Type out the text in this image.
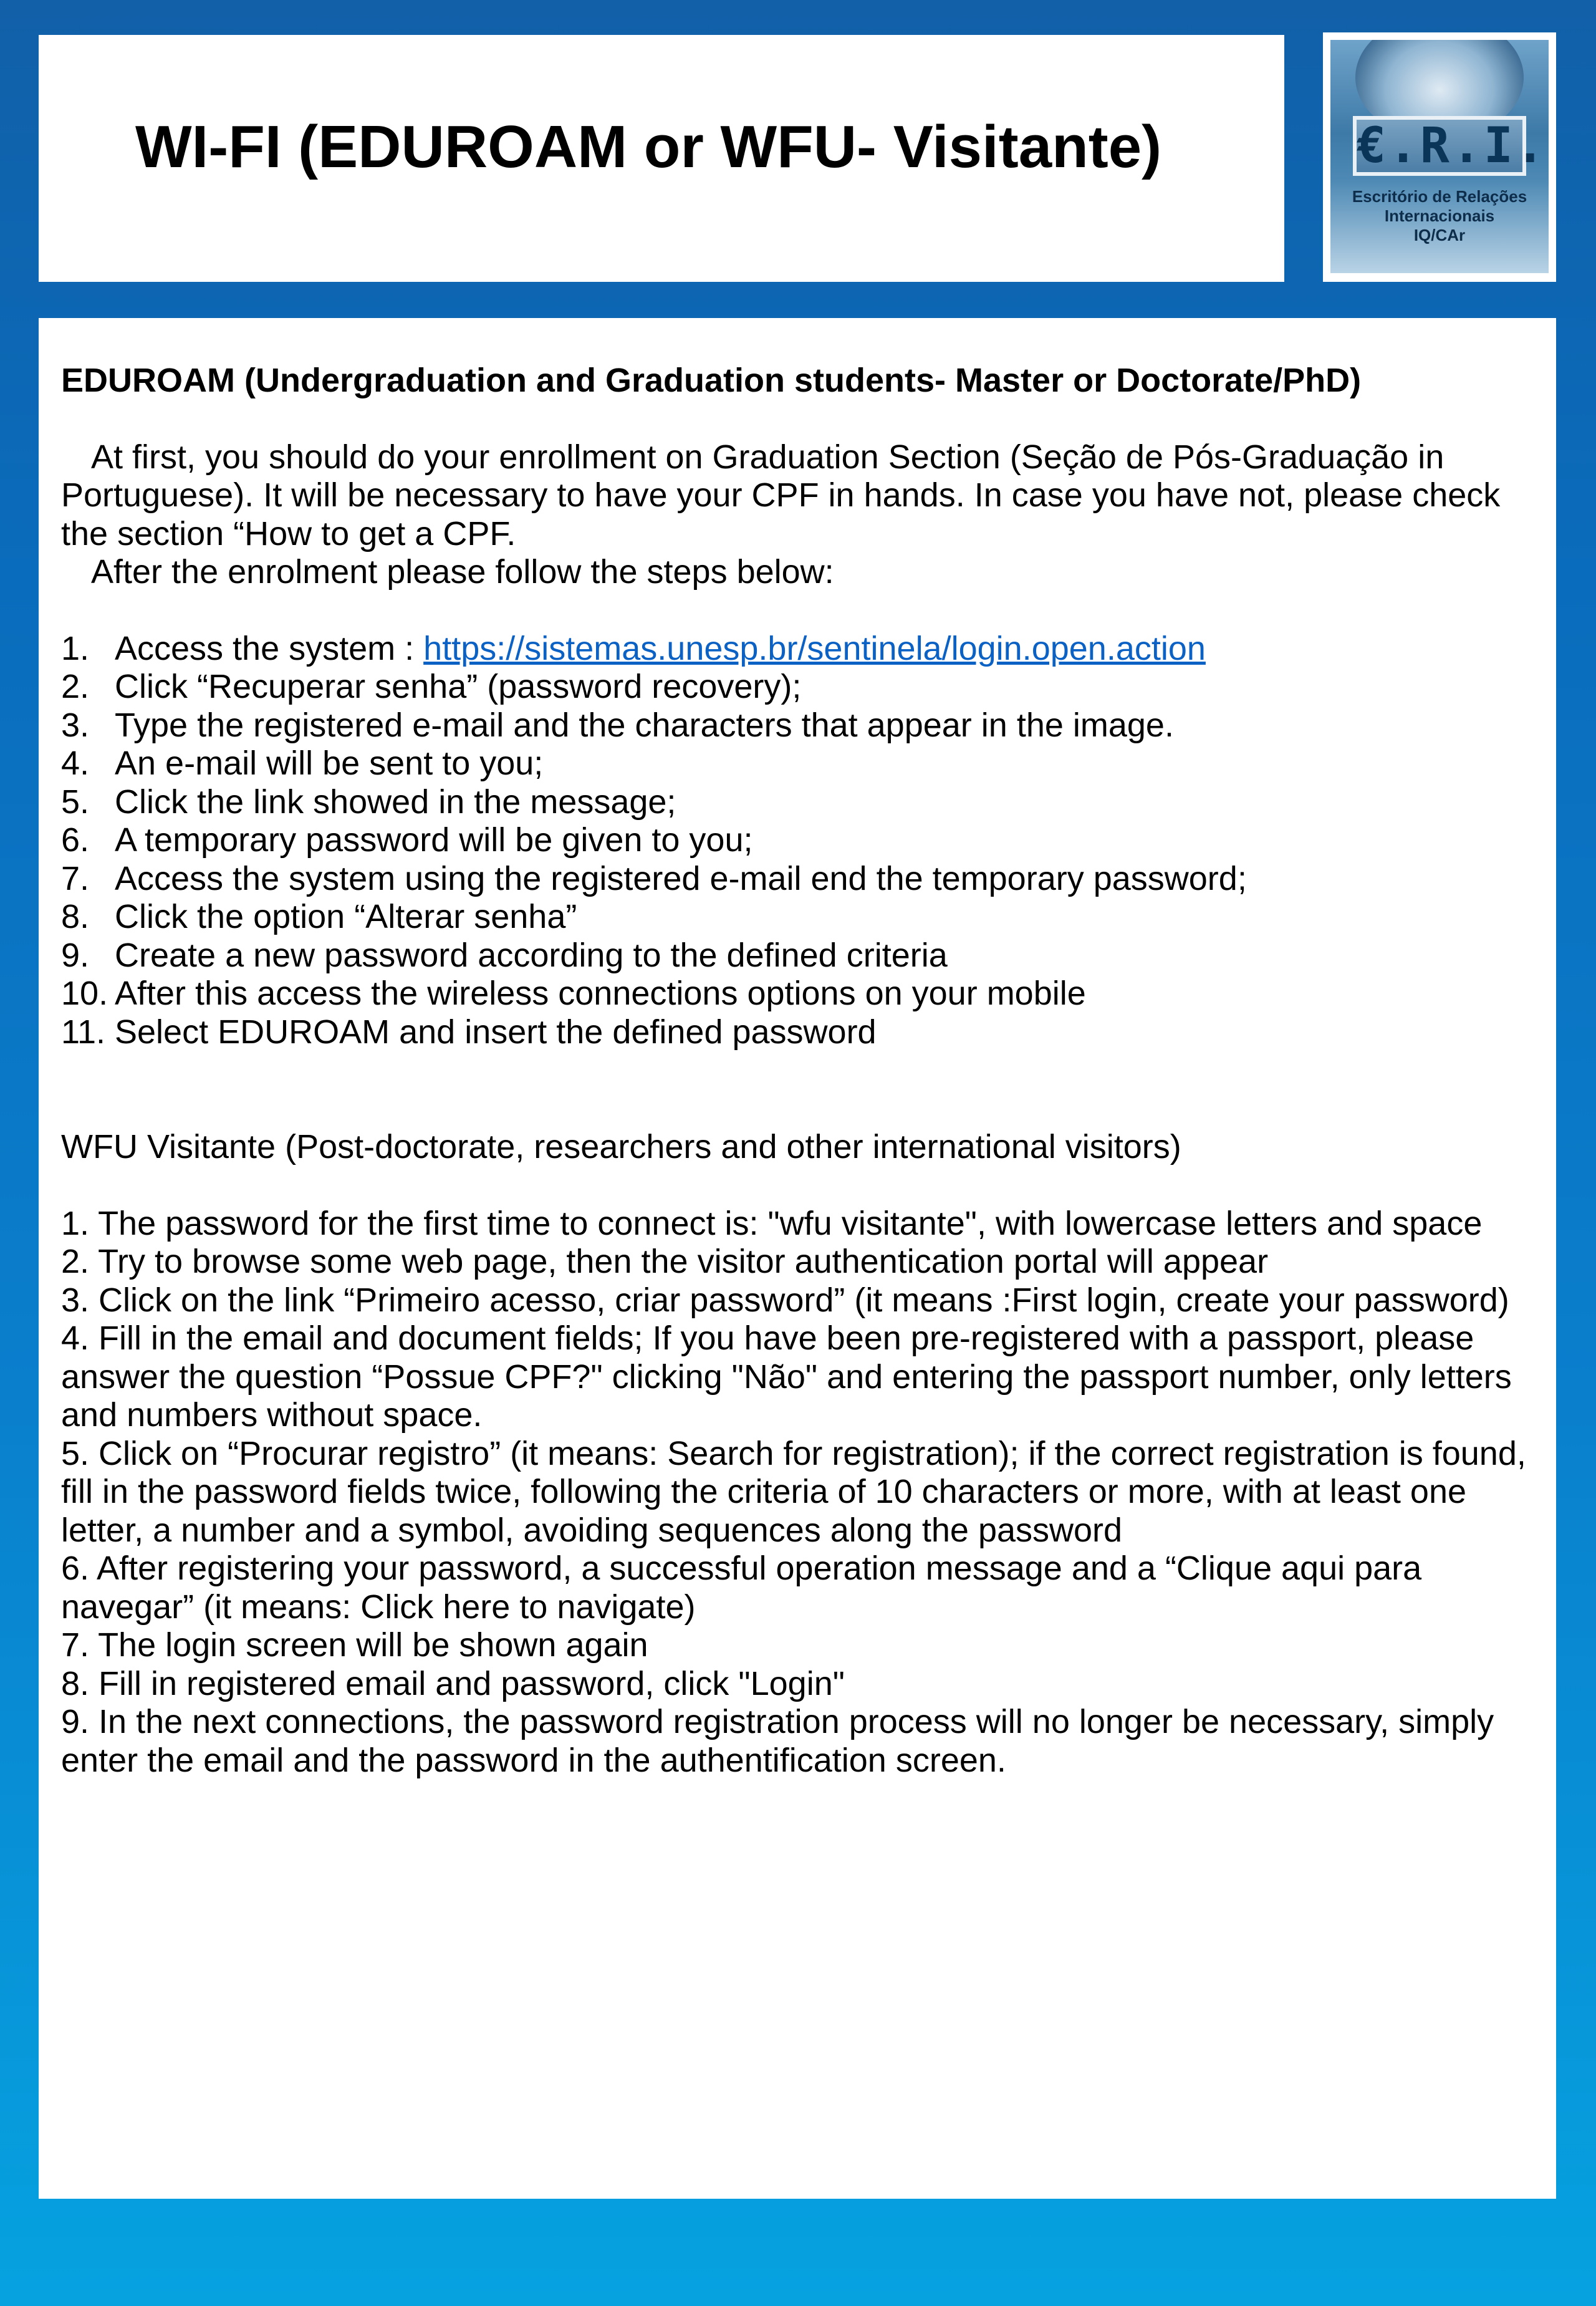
WI-FI (EDUROAM or WFU- Visitante)	€.R.I.
Escritório de Relações
Internacionais
IQ/CAr

EDUROAM (Undergraduation and Graduation students- Master or Doctorate/PhD)

At first, you should do your enrollment on Graduation Section (Seção de Pós-Graduação in Portuguese). It will be necessary to have your CPF in hands. In case you have not, please check the section “How to get a CPF.

After the enrolment please follow the steps below:

1. Access the system : https://sistemas.unesp.br/sentinela/login.open.action
2. Click “Recuperar senha” (password recovery);
3. Type the registered e-mail and the characters that appear in the image.
4. An e-mail will be sent to you;
5. Click the link showed in the message;
6. A temporary password will be given to you;
7. Access the system using the registered e-mail end the temporary password;
8. Click the option “Alterar senha”
9. Create a new password according to the defined criteria
10. After this access the wireless connections options on your mobile
11. Select EDUROAM and insert the defined password

WFU Visitante (Post-doctorate, researchers and other international visitors)

1. The password for the first time to connect is: "wfu visitante", with lowercase letters and space

2. Try to browse some web page, then the visitor authentication portal will appear

3. Click on the link “Primeiro acesso, criar password” (it means :First login, create your password)

4. Fill in the email and document fields; If you have been pre-registered with a passport, please answer the question “Possue CPF?" clicking "Não" and entering the passport number, only letters and numbers without space.

5. Click on “Procurar registro” (it means: Search for registration); if the correct registration is found, fill in the password fields twice, following the criteria of 10 characters or more, with at least one letter, a number and a symbol, avoiding sequences along the password

6. After registering your password, a successful operation message and a “Clique aqui para navegar” (it means: Click here to navigate)

7. The login screen will be shown again

8. Fill in registered email and password, click "Login"

9. In the next connections, the password registration process will no longer be necessary, simply enter the email and the password in the authentification screen.
